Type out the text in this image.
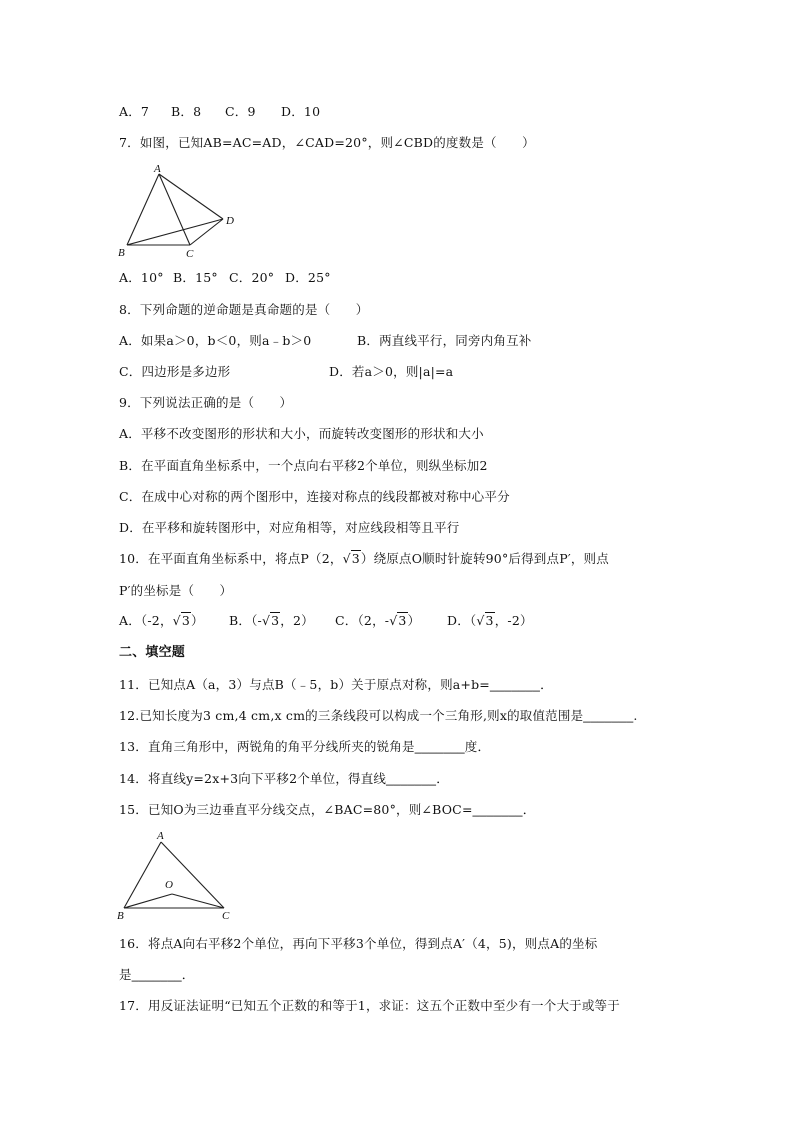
A．7 B．8 C．9 D．10
7．如图，已知AB=AC=AD，∠CAD=20°，则∠CBD的度数是（　　）
A
B	C
D
A．10° B．15° C．20° D．25°
8．下列命题的逆命题是真命题的是（　　）
A．如果a＞0，b＜0，则a﹣b＞0	B．两直线平行，同旁内角互补
C．四边形是多边形	D．若a＞0，则|a|=a
9．下列说法正确的是（　　）
A．平移不改变图形的形状和大小，而旋转改变图形的形状和大小
B．在平面直角坐标系中，一个点向右平移2个单位，则纵坐标加2
C．在成中心对称的两个图形中，连接对称点的线段都被对称中心平分
D．在平移和旋转图形中，对应角相等，对应线段相等且平行
10．在平面直角坐标系中，将点P（2，√3）绕原点O顺时针旋转90°后得到点P′，则点
P′的坐标是（　　）
A．（-2，√3） B．（-√3，2） C．（2，-√3） D．（√3，-2）
二、填空题
11．已知点A（a，3）与点B（﹣5，b）关于原点对称，则a+b=_______．
12.已知长度为3 cm,4 cm,x cm的三条线段可以构成一个三角形,则x的取值范围是_______.
13．直角三角形中，两锐角的角平分线所夹的锐角是_______度．
14．将直线y=2x+3向下平移2个单位，得直线_______．
15．已知O为三边垂直平分线交点，∠BAC=80°，则∠BOC=_______．
A
O
B	C
16．将点A向右平移2个单位，再向下平移3个单位，得到点A′（4，5)，则点A的坐标
是_______．
17．用反证法证明“已知五个正数的和等于1，求证：这五个正数中至少有一个大于或等于
